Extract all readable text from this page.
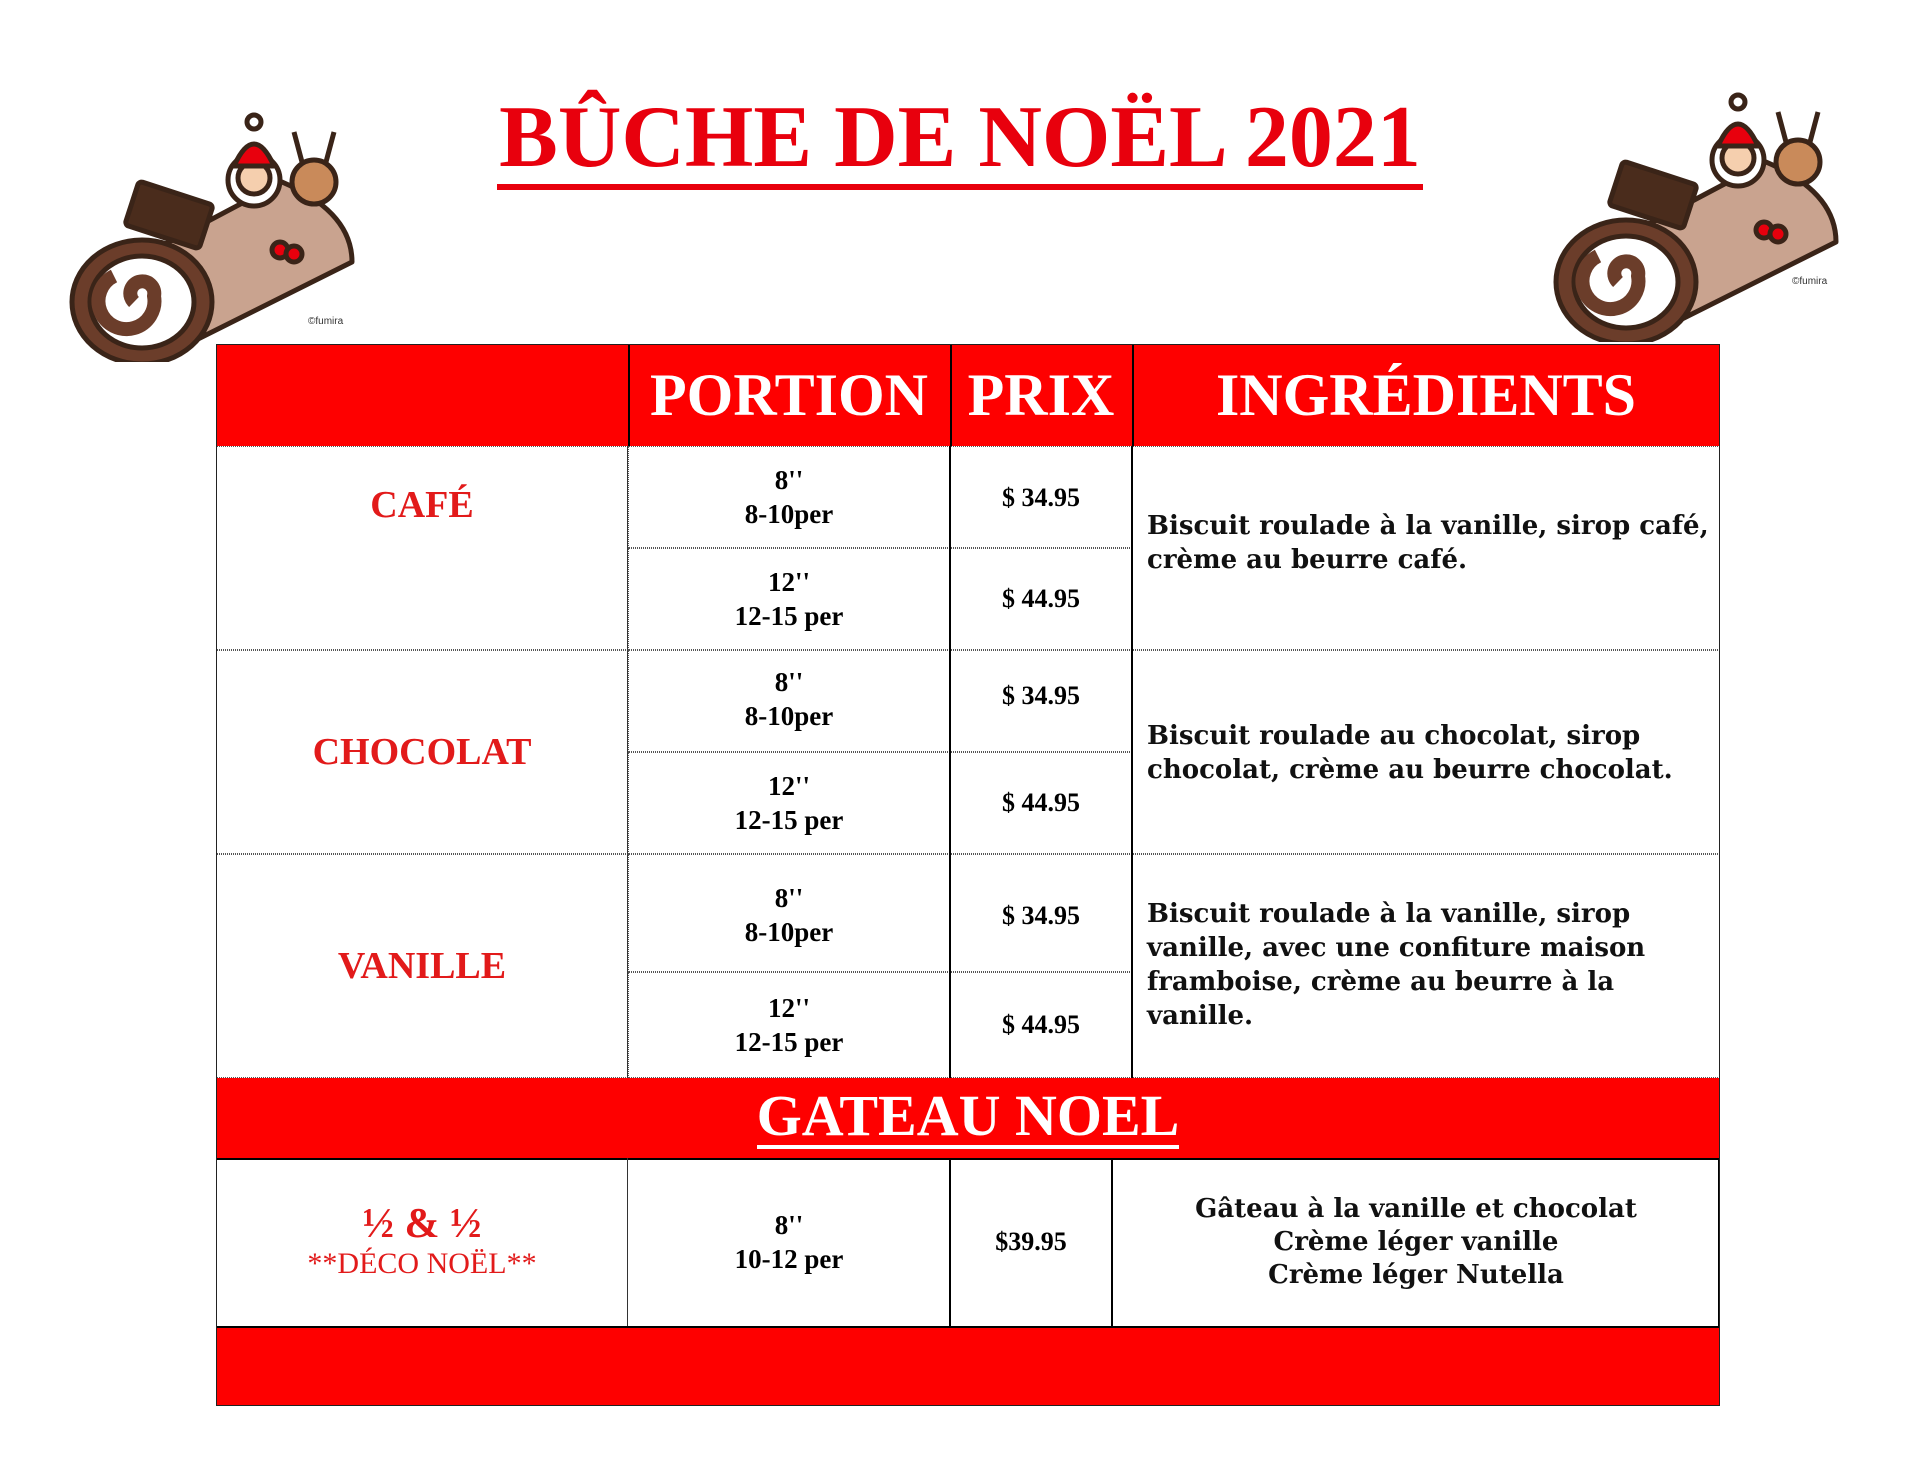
BÛCHE DE NOËL 2021
©fumira
©fumira
PORTION PRIX	INGRÉDIENTS
CAFÉ
8''
8-10per
$ 34.95
12''
12-15 per
$ 44.95
Biscuit roulade à la vanille, sirop café, crème au beurre café.
CHOCOLAT
8''
8-10per
$ 34.95
12''
12-15 per
$ 44.95
Biscuit roulade au chocolat, sirop chocolat, crème au beurre chocolat.
VANILLE
8''
8-10per
$ 34.95
12''
12-15 per
$ 44.95
Biscuit roulade à la vanille, sirop vanille, avec une confiture maison framboise, crème au beurre à la vanille.
GATEAU NOEL
½ & ½
**DÉCO NOËL**
8''
10-12 per
$39.95
Gâteau à la vanille et chocolat
Crème léger vanille
Crème léger Nutella
